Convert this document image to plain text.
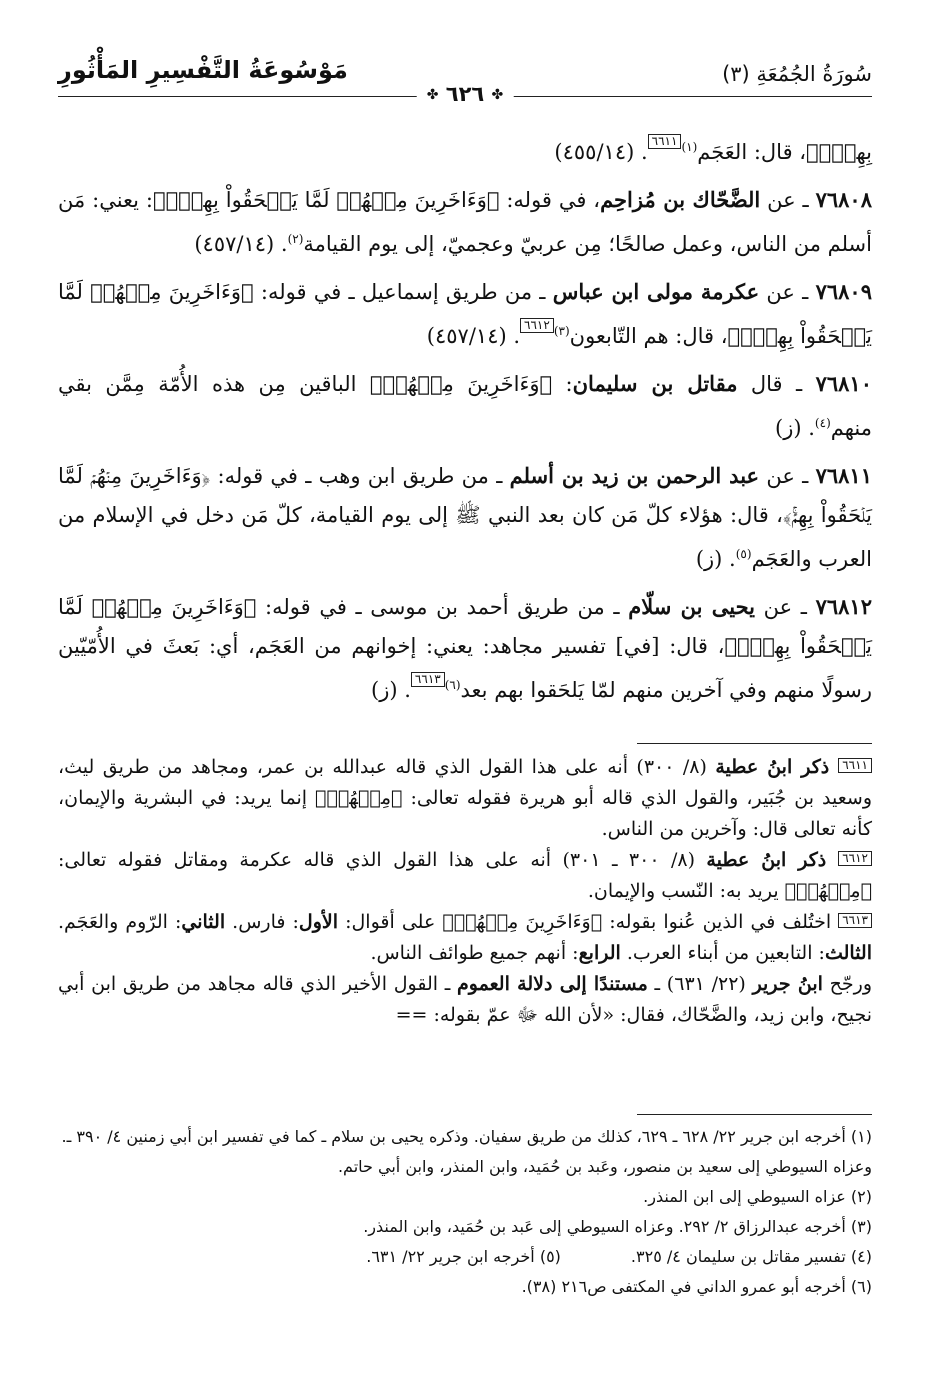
سُورَةُ الجُمُعَةِ (٣)
مَوْسُوعَةُ التَّفْسِيرِ المَأْثُورِ
✤ ٦٢٦ ✤

بِهِمْۚ﴾، قال: العَجَم$^{(١)}$٦٦١١. (٤٥٥/١٤)

٧٦٨٠٨ ـ عن الضَّحّاك بن مُزاحِم، في قوله: ﴿وَءَاخَرِينَ مِنۡهُمۡ لَمَّا يَلۡحَقُواْ بِهِمۡۚ﴾: يعني: مَن أسلم من الناس، وعمل صالحًا؛ مِن عربيّ وعجميّ، إلى يوم القيامة$^{(٢)}$. (٤٥٧/١٤)

٧٦٨٠٩ ـ عن عكرمة مولى ابن عباس ـ من طريق إسماعيل ـ في قوله: ﴿وَءَاخَرِينَ مِنۡهُمۡ لَمَّا يَلۡحَقُواْ بِهِمۡۚ﴾، قال: هم التّابعون$^{(٣)}$٦٦١٢. (٤٥٧/١٤)

٧٦٨١٠ ـ قال مقاتل بن سليمان: ﴿وَءَاخَرِينَ مِنۡهُمۡ﴾ الباقين مِن هذه الأُمّة مِمَّن بقي منهم$^{(٤)}$. (ز)

٧٦٨١١ ـ عن عبد الرحمن بن زيد بن أسلم ـ من طريق ابن وهب ـ في قوله: ﴿وَءَاخَرِينَ مِنۡهُمۡ لَمَّا يَلۡحَقُواْ بِهِمۡۚ﴾، قال: هؤلاء كلّ مَن كان بعد النبي ﷺ إلى يوم القيامة، كلّ مَن دخل في الإسلام من العرب والعَجَم$^{(٥)}$. (ز)

٧٦٨١٢ ـ عن يحيى بن سلّام ـ من طريق أحمد بن موسى ـ في قوله: ﴿وَءَاخَرِينَ مِنۡهُمۡ لَمَّا يَلۡحَقُواْ بِهِمۡۚ﴾، قال: [في] تفسير مجاهد: يعني: إخوانهم من العَجَم، أي: بَعثَ في الأُمّيّين رسولًا منهم وفي آخرين منهم لمّا يَلحَقوا بهم بعد$^{(٦)}$٦٦١٣. (ز)

٦٦١١ ذكر ابنُ عطية (٨/ ٣٠٠) أنه على هذا القول الذي قاله عبدالله بن عمر، ومجاهد من طريق ليث، وسعيد بن جُبَير، والقول الذي قاله أبو هريرة فقوله تعالى: ﴿مِنۡهُمۡ﴾ إنما يريد: في البشرية والإيمان، كأنه تعالى قال: وآخرين من الناس.

٦٦١٢ ذكر ابنُ عطية (٨/ ٣٠٠ ـ ٣٠١) أنه على هذا القول الذي قاله عكرمة ومقاتل فقوله تعالى: ﴿مِنۡهُمۡ﴾ يريد به: النّسب والإيمان.

٦٦١٣ اختُلف في الذين عُنوا بقوله: ﴿وَءَاخَرِينَ مِنۡهُمۡ﴾ على أقوال: الأول: فارس. الثاني: الرّوم والعَجَم. الثالث: التابعين من أبناء العرب. الرابع: أنهم جميع طوائف الناس.

ورجّح ابنُ جرير (٢٢/ ٦٣١) ـ مستندًا إلى دلالة العموم ـ القول الأخير الذي قاله مجاهد من طريق ابن أبي نجيح، وابن زيد، والضَّحّاك، فقال: «لأن الله ﷻ عمّ بقوله: ==

(١) أخرجه ابن جرير ٢٢/ ٦٢٨ ـ ٦٢٩، كذلك من طريق سفيان. وذكره يحيى بن سلام ـ كما في تفسير ابن أبي زمنين ٤/ ٣٩٠ ـ. وعزاه السيوطي إلى سعيد بن منصور، وعَبد بن حُمَيد، وابن المنذر، وابن أبي حاتم.

(٢) عزاه السيوطي إلى ابن المنذر.

(٣) أخرجه عبدالرزاق ٢/ ٢٩٢. وعزاه السيوطي إلى عَبد بن حُمَيد، وابن المنذر.

(٤) تفسير مقاتل بن سليمان ٤/ ٣٢٥.

(٥) أخرجه ابن جرير ٢٢/ ٦٣١.

(٦) أخرجه أبو عمرو الداني في المكتفى ص٢١٦ (٣٨).
